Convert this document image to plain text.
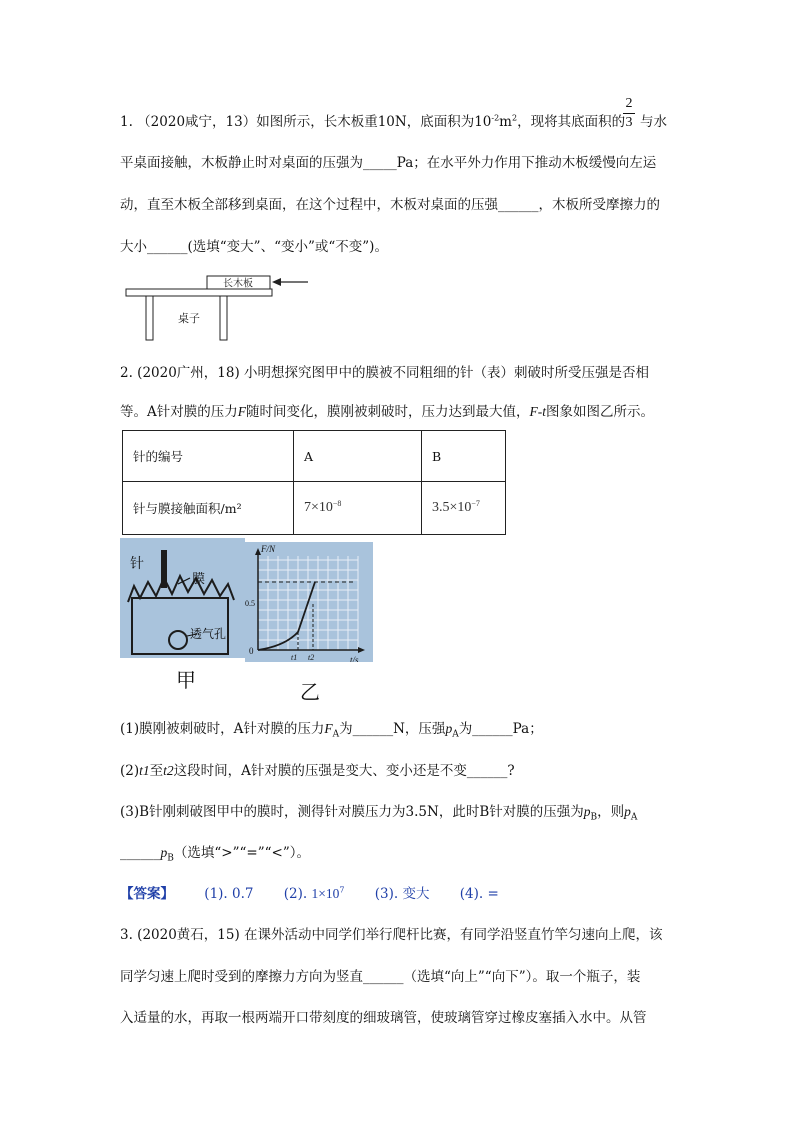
1. （2020咸宁，13）如图所示，长木板重10N，底面积为$10^{-2}m^2$，现将其底面积的
2
3 与水
平桌面接触，木板静止时对桌面的压强为_____Pa；在水平外力作用下推动木板缓慢向左运
动，直至木板全部移到桌面，在这个过程中，木板对桌面的压强______，木板所受摩擦力的
大小______(选填“变大”、“变小”或“不变”)。
长木板
桌子
2. (2020广州，18) 小明想探究图甲中的膜被不同粗细的针（表）刺破时所受压强是否相
等。A针对膜的压力F随时间变化，膜刚被刺破时，压力达到最大值，F-t图象如图乙所示。
针的编号	A	B
针与膜接触面积/m²	$7\times 10^{-8}$	$3.5\times 10^{-7}$
针
膜
透气孔
甲
F/N
t/s
0
0.5
t1 t2
乙
(1)膜刚被刺破时，A针对膜的压力$F_A$为______N，压强$p_A$为______Pa；
(2)t1至t2这段时间，A针对膜的压强是变大、变小还是不变______?
(3)B针刚刺破图甲中的膜时，测得针对膜压力为3.5N，此时B针对膜的压强为$p_B$，则$p_A$
$\_\_\_\_\_\_p_B$（选填“>”“=”“<”）。
【答案】 (1). 0.7 (2). $1\times 10^7$ (3). 变大 (4). =
3. (2020黄石，15) 在课外活动中同学们举行爬杆比赛，有同学沿竖直竹竿匀速向上爬，该
同学匀速上爬时受到的摩擦力方向为竖直______（选填“向上”“向下”）。取一个瓶子，装
入适量的水，再取一根两端开口带刻度的细玻璃管，使玻璃管穿过橡皮塞插入水中。从管
